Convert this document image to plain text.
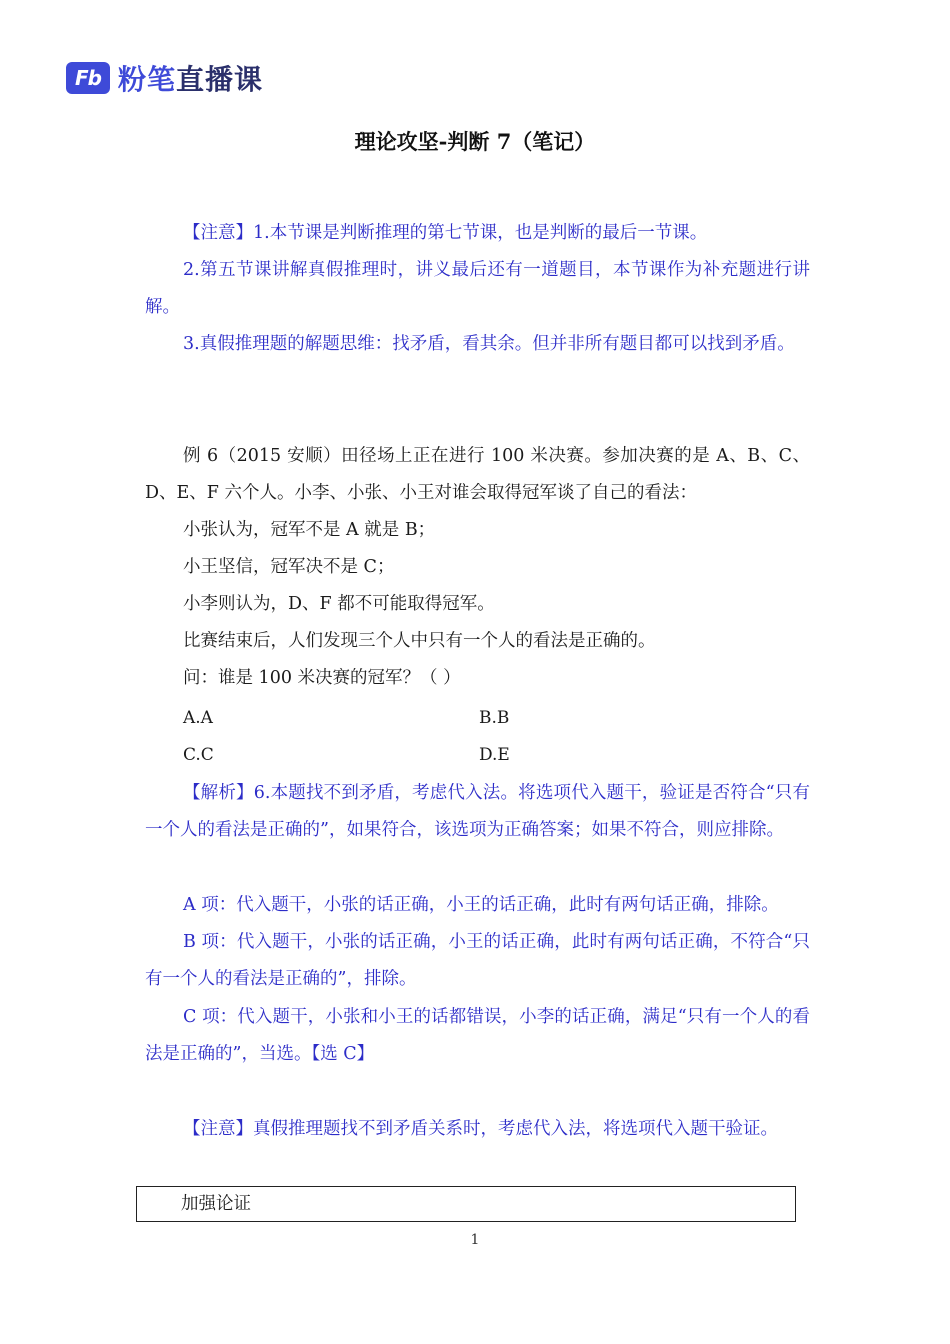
Fb 粉笔直播课
理论攻坚-判断 7（笔记）
【注意】1.本节课是判断推理的第七节课，也是判断的最后一节课。
2.第五节课讲解真假推理时，讲义最后还有一道题目，本节课作为补充题进行讲解。
3.真假推理题的解题思维：找矛盾，看其余。但并非所有题目都可以找到矛盾。
例 6（2015 安顺）田径场上正在进行 100 米决赛。参加决赛的是 A、B、C、D、E、F 六个人。小李、小张、小王对谁会取得冠军谈了自己的看法：
小张认为，冠军不是 A 就是 B；
小王坚信，冠军决不是 C；
小李则认为，D、F 都不可能取得冠军。
比赛结束后，人们发现三个人中只有一个人的看法是正确的。
问：谁是 100 米决赛的冠军？（ ）
A.A	B.B
C.C	D.E
【解析】6.本题找不到矛盾，考虑代入法。将选项代入题干，验证是否符合“只有一个人的看法是正确的”，如果符合，该选项为正确答案；如果不符合，则应排除。
A 项：代入题干，小张的话正确，小王的话正确，此时有两句话正确，排除。
B 项：代入题干，小张的话正确，小王的话正确，此时有两句话正确，不符合“只有一个人的看法是正确的”，排除。
C 项：代入题干，小张和小王的话都错误，小李的话正确，满足“只有一个人的看法是正确的”，当选。【选 C】
【注意】真假推理题找不到矛盾关系时，考虑代入法，将选项代入题干验证。
加强论证
1
